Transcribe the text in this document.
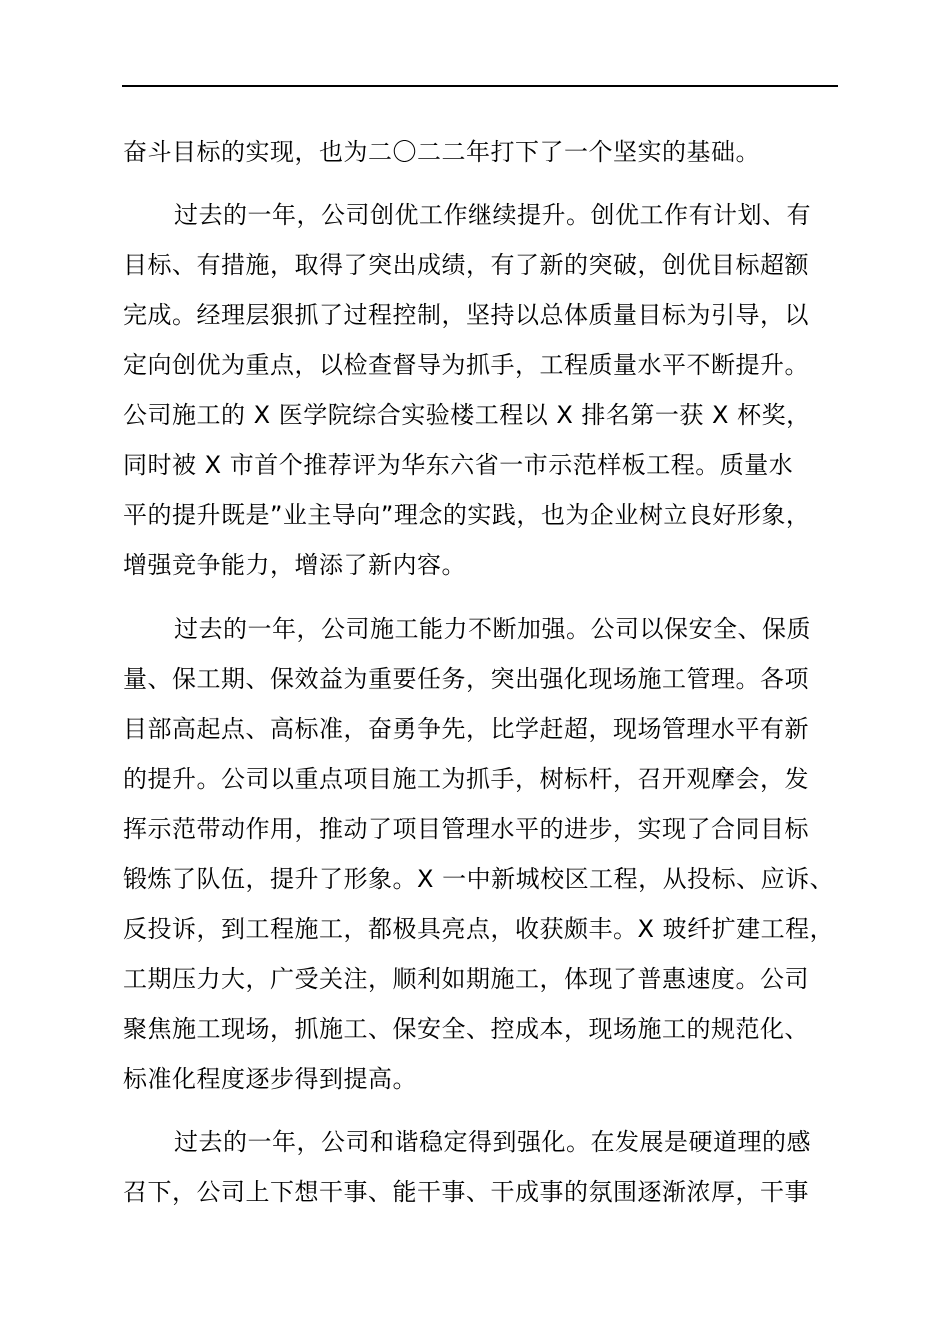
奋斗目标的实现，也为二〇二二年打下了一个坚实的基础。
过去的一年，公司创优工作继续提升。创优工作有计划、有
目标、有措施，取得了突出成绩，有了新的突破，创优目标超额
完成。经理层狠抓了过程控制，坚持以总体质量目标为引导，以
定向创优为重点，以检查督导为抓手，工程质量水平不断提升。
公司施工的 X 医学院综合实验楼工程以 X 排名第一获 X 杯奖，
同时被 X 市首个推荐评为华东六省一市示范样板工程。质量水
平的提升既是”业主导向”理念的实践，也为企业树立良好形象，
增强竞争能力，增添了新内容。
过去的一年，公司施工能力不断加强。公司以保安全、保质
量、保工期、保效益为重要任务，突出强化现场施工管理。各项
目部高起点、高标准，奋勇争先，比学赶超，现场管理水平有新
的提升。公司以重点项目施工为抓手，树标杆，召开观摩会，发
挥示范带动作用，推动了项目管理水平的进步，实现了合同目标
锻炼了队伍，提升了形象。X 一中新城校区工程，从投标、应诉、
反投诉，到工程施工，都极具亮点，收获颇丰。X 玻纤扩建工程，
工期压力大，广受关注，顺利如期施工，体现了普惠速度。公司
聚焦施工现场，抓施工、保安全、控成本，现场施工的规范化、
标准化程度逐步得到提高。
过去的一年，公司和谐稳定得到强化。在发展是硬道理的感
召下，公司上下想干事、能干事、干成事的氛围逐渐浓厚，干事
